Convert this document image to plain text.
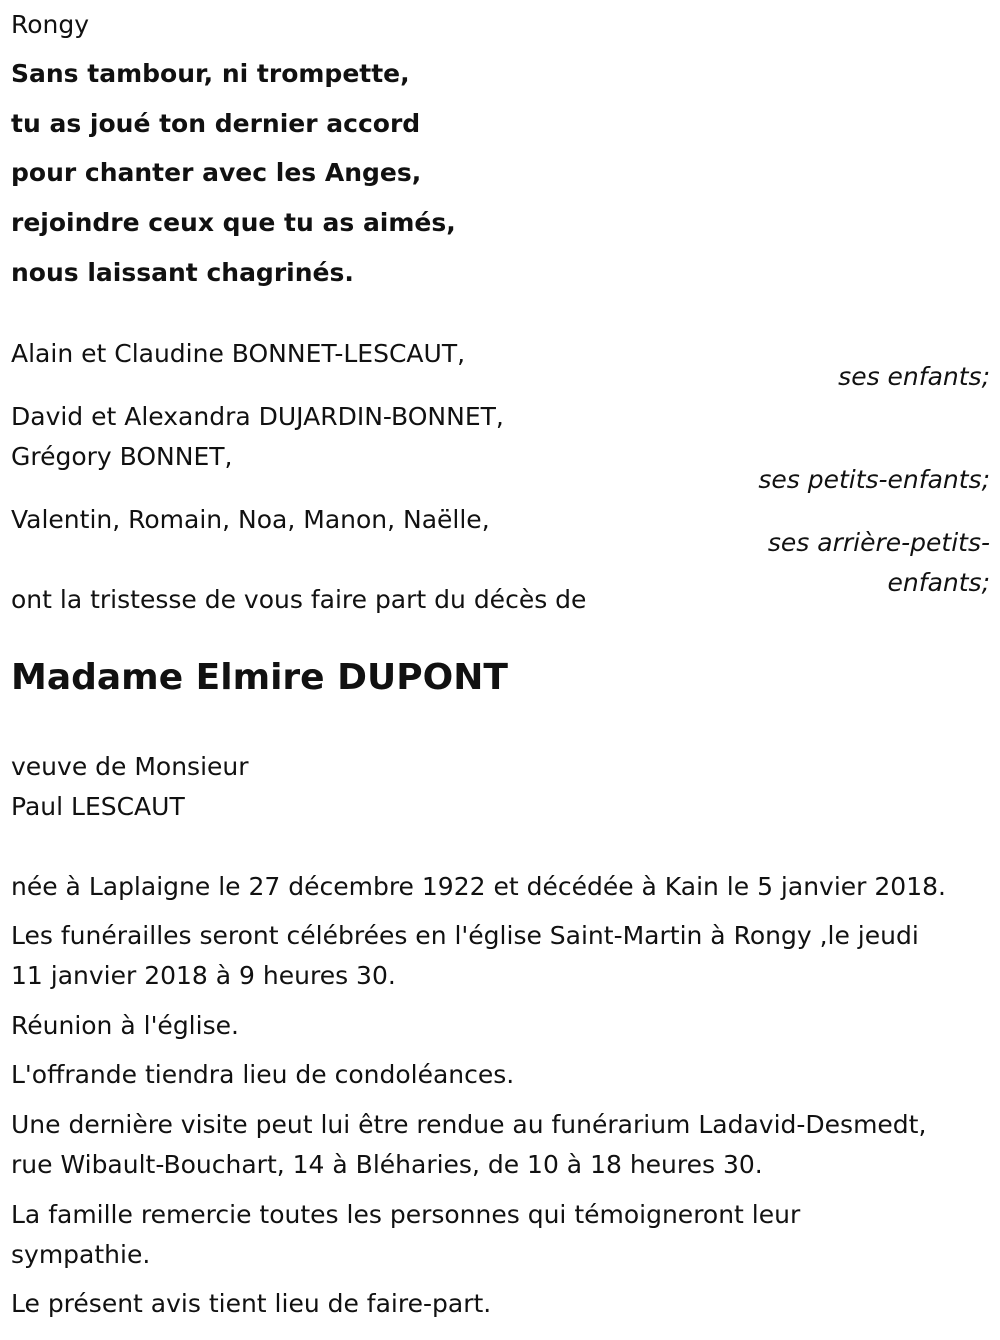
Rongy

Sans tambour, ni trompette,

tu as joué ton dernier accord

pour chanter avec les Anges,

rejoindre ceux que tu as aimés,

nous laissant chagrinés.

Alain et Claudine BONNET-LESCAUT,

ses enfants;

David et Alexandra DUJARDIN-BONNET,

Grégory BONNET,

ses petits-enfants;

Valentin, Romain, Noa, Manon, Naëlle,

ses arrière-petits-

enfants;

ont la tristesse de vous faire part du décès de

Madame Elmire DUPONT

veuve de Monsieur

Paul LESCAUT

née à Laplaigne le 27 décembre 1922 et décédée à Kain le 5 janvier 2018.

Les funérailles seront célébrées en l'église Saint-Martin à Rongy ,le jeudi

11 janvier 2018 à 9 heures 30.

Réunion à l'église.

L'offrande tiendra lieu de condoléances.

Une dernière visite peut lui être rendue au funérarium Ladavid-Desmedt,

rue Wibault-Bouchart, 14 à Bléharies, de 10 à 18 heures 30.

La famille remercie toutes les personnes qui témoigneront leur

sympathie.

Le présent avis tient lieu de faire-part.
